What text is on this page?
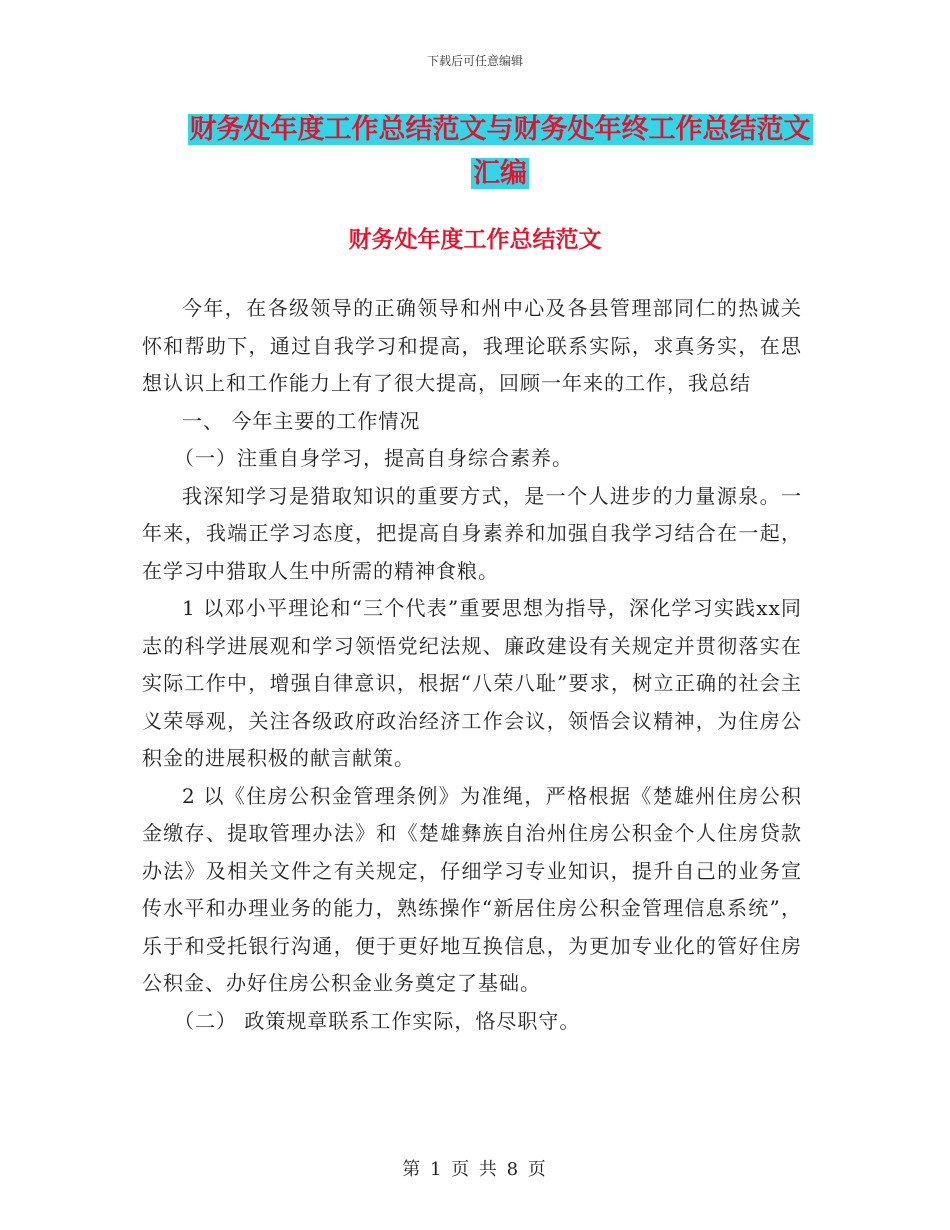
下载后可任意编辑
财务处年度工作总结范文与财务处年终工作总结范文
汇编
财务处年度工作总结范文

今年，在各级领导的正确领导和州中心及各县管理部同仁的热诚关怀和帮助下，通过自我学习和提高，我理论联系实际，求真务实，在思想认识上和工作能力上有了很大提高，回顾一年来的工作，我总结

一、 今年主要的工作情况

（一）注重自身学习，提高自身综合素养。

我深知学习是猎取知识的重要方式，是一个人进步的力量源泉。一年来，我端正学习态度，把提高自身素养和加强自我学习结合在一起，在学习中猎取人生中所需的精神食粮。

1 以邓小平理论和“三个代表”重要思想为指导，深化学习实践xx同志的科学进展观和学习领悟党纪法规、廉政建设有关规定并贯彻落实在实际工作中，增强自律意识，根据“八荣八耻”要求，树立正确的社会主义荣辱观，关注各级政府政治经济工作会议，领悟会议精神，为住房公积金的进展积极的献言献策。

2 以《住房公积金管理条例》为准绳，严格根据《楚雄州住房公积金缴存、提取管理办法》和《楚雄彝族自治州住房公积金个人住房贷款办法》及相关文件之有关规定，仔细学习专业知识，提升自己的业务宣传水平和办理业务的能力，熟练操作“新居住房公积金管理信息系统”，乐于和受托银行沟通，便于更好地互换信息，为更加专业化的管好住房公积金、办好住房公积金业务奠定了基础。

（二） 政策规章联系工作实际，恪尽职守。

第 1 页 共 8 页
